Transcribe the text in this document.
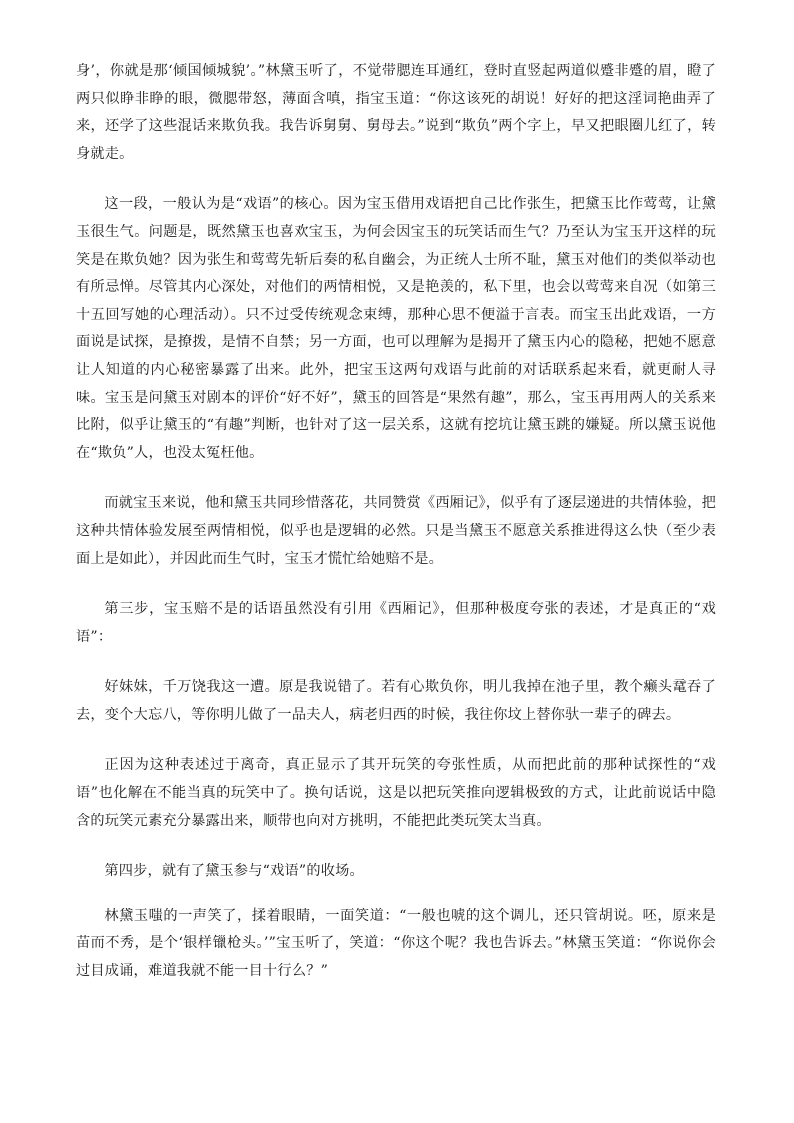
身’，你就是那‘倾国倾城貌’。”林黛玉听了，不觉带腮连耳通红，登时直竖起两道似蹙非蹙的眉，瞪了两只似睁非睁的眼，微腮带怒，薄面含嗔，指宝玉道：“你这该死的胡说！好好的把这淫词艳曲弄了来，还学了这些混话来欺负我。我告诉舅舅、舅母去。”说到“欺负”两个字上，早又把眼圈儿红了，转身就走。

这一段，一般认为是“戏语”的核心。因为宝玉借用戏语把自己比作张生，把黛玉比作莺莺，让黛玉很生气。问题是，既然黛玉也喜欢宝玉，为何会因宝玉的玩笑话而生气？乃至认为宝玉开这样的玩笑是在欺负她？因为张生和莺莺先斩后奏的私自幽会，为正统人士所不耻，黛玉对他们的类似举动也有所忌惮。尽管其内心深处，对他们的两情相悦，又是艳羡的，私下里，也会以莺莺来自况（如第三十五回写她的心理活动）。只不过受传统观念束缚，那种心思不便溢于言表。而宝玉出此戏语，一方面说是试探，是撩拨，是情不自禁；另一方面，也可以理解为是揭开了黛玉内心的隐秘，把她不愿意让人知道的内心秘密暴露了出来。此外，把宝玉这两句戏语与此前的对话联系起来看，就更耐人寻味。宝玉是问黛玉对剧本的评价“好不好”，黛玉的回答是“果然有趣”，那么，宝玉再用两人的关系来比附，似乎让黛玉的“有趣”判断，也针对了这一层关系，这就有挖坑让黛玉跳的嫌疑。所以黛玉说他在“欺负”人，也没太冤枉他。

而就宝玉来说，他和黛玉共同珍惜落花，共同赞赏《西厢记》，似乎有了逐层递进的共情体验，把这种共情体验发展至两情相悦，似乎也是逻辑的必然。只是当黛玉不愿意关系推进得这么快（至少表面上是如此），并因此而生气时，宝玉才慌忙给她赔不是。

第三步，宝玉赔不是的话语虽然没有引用《西厢记》，但那种极度夸张的表述，才是真正的“戏语”：

好妹妹，千万饶我这一遭。原是我说错了。若有心欺负你，明儿我掉在池子里，教个癞头鼋吞了去，变个大忘八，等你明儿做了一品夫人，病老归西的时候，我往你坟上替你驮一辈子的碑去。

正因为这种表述过于离奇，真正显示了其开玩笑的夸张性质，从而把此前的那种试探性的“戏语”也化解在不能当真的玩笑中了。换句话说，这是以把玩笑推向逻辑极致的方式，让此前说话中隐含的玩笑元素充分暴露出来，顺带也向对方挑明，不能把此类玩笑太当真。

第四步，就有了黛玉参与“戏语”的收场。

林黛玉嗤的一声笑了，揉着眼睛，一面笑道：“一般也唬的这个调儿，还只管胡说。呸，原来是苗而不秀，是个‘银样镴枪头。’”宝玉听了，笑道：“你这个呢？我也告诉去。”林黛玉笑道：“你说你会过目成诵，难道我就不能一目十行么？”
